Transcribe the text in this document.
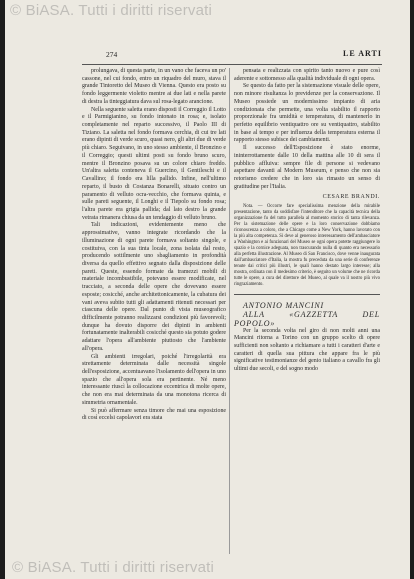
© BiASA. Tutti i diritti riservati
274	LE ARTI

prolungava, di questa parte, in un vano che faceva un po' cassone, nel cui fondo, entro un riquadro del muro, stava il grande Tintoretto del Museo di Vienna. Questo era posto su fondo leggermente violetto mentre ai due lati e nella parete di destra la tinteggiatura dava sul rosa-legato arancione.

Nella seguente saletta erano disposti il Correggio il Lotto e il Parmigianino, su fondo intonato in rosa; e, isolato completamente nel reparto successivo, il Paolo III di Tiziano. La saletta nel fondo formava cerchia, di cui tre lati erano dipinti di verde scuro, quasi nero, gli altri due di verde più chiaro. Seguivano, in uno stesso ambiente, il Bronzino e il Correggio; questi ultimi posti su fondo bruno scuro, mentre il Bronzino posava su un colore chiaro freddo. Un'altra saletta conteneva il Guercino, il Gentileschi e il Cavallino; il fondo era lilla pallido. Infine, nell'ultimo reparto, il busto di Costanza Bonarelli, situato contro un paramento di velluto ocra-vecchio, che formava quinta, e sulle pareti seguente, il Longhi e il Tiepolo su fondo rosa; l'altra parete era grigia pallida; dal lato destro la grande vetrata rimanera chiusa da un tendaggio di velluto bruno.

Tali indicazioni, evidentemente meno che approssimative, vanno integrate ricordando che la illuminazione di ogni parete formava soltanto singole, e costituiva, con la sua tinta locale, zona isolata dal resto, producendo sottilmente uno sbagliamento in profondità diversa da quello effettivo segnato dalla disposizione delle pareti. Queste, essendo formate da tramezzi mobili di materiale incombustibile, potevano essere modificate, nel tracciato, a seconda delle opere che dovevano essere esposte; cosicché, anche architettonicamente, la cubatura dei vani aveva subito tutti gli adattamenti ritenuti necessari per ciascuna delle opere. Dal punto di vista museografico difficilmente potranno realizzarsi condizioni più favorevoli; dunque ha dovuto disporre dei dipinti in ambienti fortunatamente inalterabili cosicché questo sia potuto godere adattare l'opera all'ambiente piuttosto che l'ambiente all'opera.

Gli ambienti irregolari, poiché l'irregolarità era strettamente determinata dalle necessità singole dell'esposizione, accentuavano l'isolamento dell'opera in uno spazio che all'opera sola era pertinente. Né meno interessante riuscì la collocazione eccentrica di molte opere, che non era mai determinata da una monotona ricerca di simmetria ornamentale.

Si può affermare senza timore che mai una esposizione di così eccelsi capolavori era stata

pensata e realizzata con spirito tanto nuovo e pure così aderente e sottomesso alla qualità individuale di ogni opera.

Se questo da fatto per la sistemazione visuale delle opere, non minore risultanza lo previdenze per la conservazione. Il Museo possiede un modernissimo impianto di aria condizionata che permette, una volta stabilito il rapporto proporzionale fra umidità e temperatura, di mantenerlo in perfetto equilibrio ventiquattro ore su ventiquattro, stabilito in base al tempo e per influenza della temperatura esterna il rapporto stesso subisce dei cambiamenti.

Il successo dell'Esposizione è stato enorme, ininterrottamente dalle 10 della mattina alle 10 di sera il pubblico affluiva: sempre file di persone si vedevano aspettare davanti al Modern Museum, e penso che non sia retorismo credere che in loro sia rimasto un senso di gratitudine per l'Italia.

CESARE BRANDI.

Nota. — Occorre fare specialissima menzione della mirabile presentazione, tanto da soddisfare l'intenditore che la capacità tecnica della organizzazione fu del tutto parallela al momento storico di tanta rilevanza. Per la sistemazione delle opere e la loro conservazione dobbiamo riconoscenza a coloro, che a Chicago come a New York, hanno lavorato con la più alta competenza. Si deve al generoso interessamento dell'ambasciatore a Washington e ai funzionari del Museo se ogni opera potette raggiungere lo spazio e la cornice adeguata, non trascurando nulla di quanto era necessario alla perfetta illustrazione. Al Museo di San Francisco, dove venne inaugurata dall'ambasciatore d'Italia, la mostra fu preceduta da una serie di conferenze tenute dai critici più illustri, le quali hanno destato largo interesse; alla mostra, ordinata con il medesimo criterio, è seguito un volume che ne ricorda tutte le opere, a cura del direttore del Museo, al quale va il nostro più vivo ringraziamento.

ANTONIO MANCINI

ALLA «GAZZETTA DEL POPOLO»

Per la seconda volta nel giro di non molti anni una Mancini ritorna a Torino con un gruppo scelto di opere sufficienti non soltanto a richiamare a tutti i caratteri d'arte e caratteri di quella sua pittura che appare fra le più significative testimonianze del genio italiano a cavallo fra gli ultimi due secoli, e del sogno modo

© BiASA. Tutti i diritti riservati
